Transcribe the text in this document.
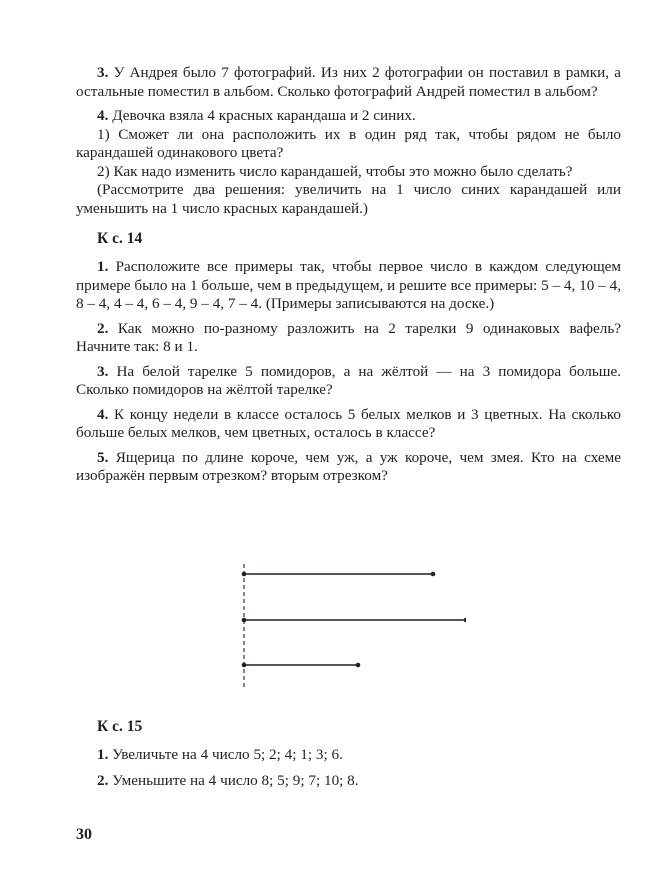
3. У Андрея было 7 фотографий. Из них 2 фотографии он поставил в рамки, а остальные поместил в альбом. Сколько фотографий Андрей поместил в альбом?

4. Девочка взяла 4 красных карандаша и 2 синих.

1) Сможет ли она расположить их в один ряд так, чтобы рядом не было карандашей одинакового цвета?

2) Как надо изменить число карандашей, чтобы это можно было сделать?

(Рассмотрите два решения: увеличить на 1 число синих карандашей или уменьшить на 1 число красных карандашей.)

К с. 14

1. Расположите все примеры так, чтобы первое число в каждом следующем примере было на 1 больше, чем в предыдущем, и решите все примеры: 5 – 4, 10 – 4, 8 – 4, 4 – 4, 6 – 4, 9 – 4, 7 – 4. (Примеры записываются на доске.)

2. Как можно по-разному разложить на 2 тарелки 9 одинаковых вафель? Начните так: 8 и 1.

3. На белой тарелке 5 помидоров, а на жёлтой — на 3 помидора больше. Сколько помидоров на жёлтой тарелке?

4. К концу недели в классе осталось 5 белых мелков и 3 цветных. На сколько больше белых мелков, чем цветных, осталось в классе?

5. Ящерица по длине короче, чем уж, а уж короче, чем змея. Кто на схеме изображён первым отрезком? вторым отрезком?

К с. 15

1. Увеличьте на 4 число 5; 2; 4; 1; 3; 6.

2. Уменьшите на 4 число 8; 5; 9; 7; 10; 8.

30
